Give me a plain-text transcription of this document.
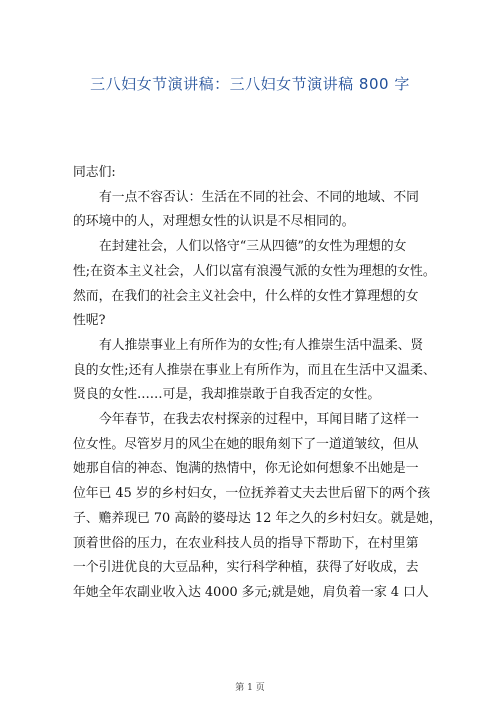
三八妇女节演讲稿：三八妇女节演讲稿 800 字

同志们:

有一点不容否认：生活在不同的社会、不同的地域、不同
的环境中的人，对理想女性的认识是不尽相同的。

在封建社会，人们以恪守“三从四德”的女性为理想的女
性;在资本主义社会，人们以富有浪漫气派的女性为理想的女性。
然而，在我们的社会主义社会中，什么样的女性才算理想的女
性呢?

有人推崇事业上有所作为的女性;有人推崇生活中温柔、贤
良的女性;还有人推崇在事业上有所作为，而且在生活中又温柔、
贤良的女性……可是，我却推崇敢于自我否定的女性。

今年春节，在我去农村探亲的过程中，耳闻目睹了这样一
位女性。尽管岁月的风尘在她的眼角刻下了一道道皱纹，但从
她那自信的神态、饱满的热情中，你无论如何想象不出她是一
位年已 45 岁的乡村妇女，一位抚养着丈夫去世后留下的两个孩
子、赡养现已 70 高龄的婆母达 12 年之久的乡村妇女。就是她，
顶着世俗的压力，在农业科技人员的指导下帮助下，在村里第
一个引进优良的大豆品种，实行科学种植，获得了好收成，去
年她全年农副业收入达 4000 多元;就是她，肩负着一家 4 口人

第 1 页
